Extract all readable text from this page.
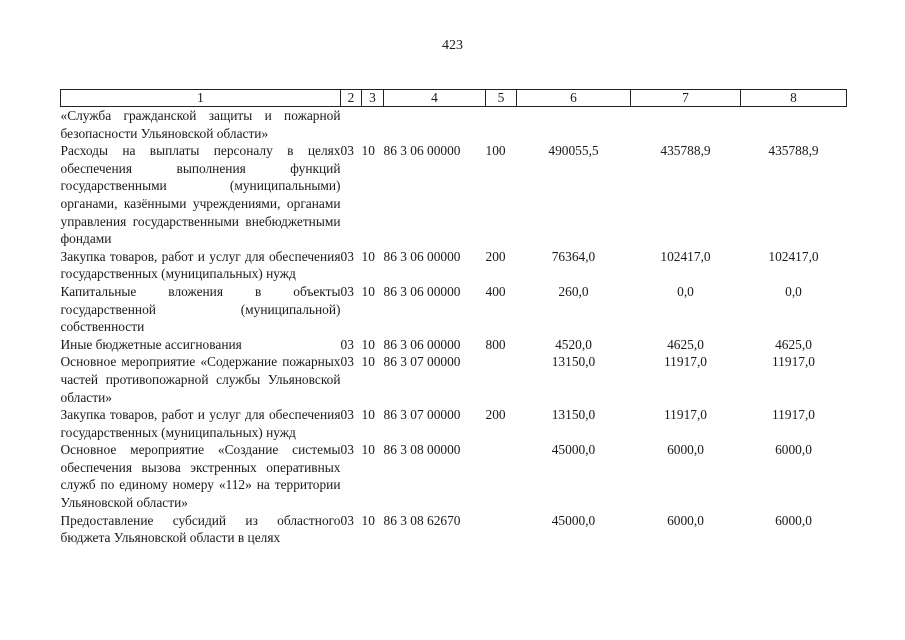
423
1	2	3	4	5	6	7	8
«Служба гражданской защиты и пожарной безопасности Ульяновской области»							
Расходы на выплаты персоналу в целях обеспечения выполнения функций государственными (муниципальными) органами, казёнными учреждениями, органами управления государственными внебюджетными фондами	03	10	86 3 06 00000	100	490055,5	435788,9	435788,9
Закупка товаров, работ и услуг для обеспечения государственных (муниципальных) нужд	03	10	86 3 06 00000	200	76364,0	102417,0	102417,0
Капитальные вложения в объекты государственной (муниципальной) собственности	03	10	86 3 06 00000	400	260,0	0,0	0,0
Иные бюджетные ассигнования	03	10	86 3 06 00000	800	4520,0	4625,0	4625,0
Основное мероприятие «Содержание пожарных частей противопожарной службы Ульяновской области»	03	10	86 3 07 00000		13150,0	11917,0	11917,0
Закупка товаров, работ и услуг для обеспечения государственных (муниципальных) нужд	03	10	86 3 07 00000	200	13150,0	11917,0	11917,0
Основное мероприятие «Создание системы обеспечения вызова экстренных оперативных служб по единому номеру «112» на территории Ульяновской области»	03	10	86 3 08 00000		45000,0	6000,0	6000,0
Предоставление субсидий из областного бюджета Ульяновской области в целях	03	10	86 3 08 62670		45000,0	6000,0	6000,0
